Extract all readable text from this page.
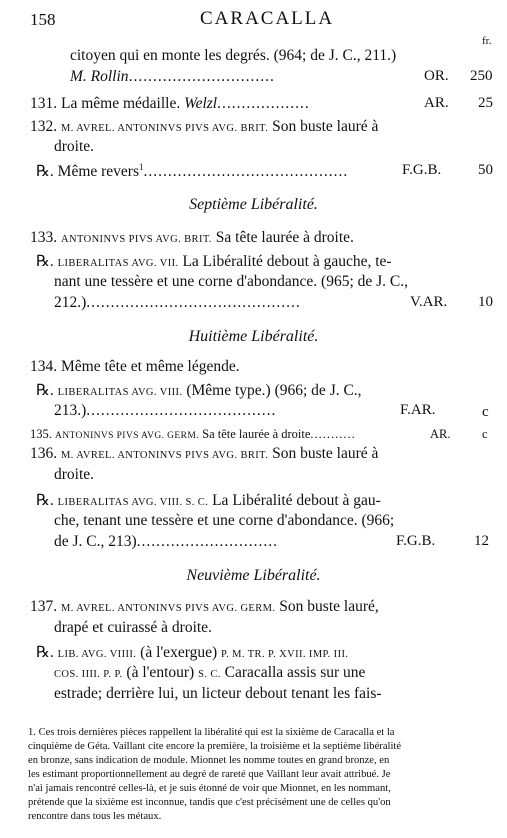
158	CARACALLA
fr.
citoyen qui en monte les degrés. (964; de J. C., 211.)
M. Rollin..............................	OR. 250
131. La même médaille. Welzl...................	AR. 25
132. M. AVREL. ANTONINVS PIVS AVG. BRIT. Son buste lauré à
droite.
℞. Même revers$^1$..........................................	F.G.B. 50
Septième Libéralité.
133. ANTONINVS PIVS AVG. BRIT. Sa tête laurée à droite.
℞. LIBERALITAS AVG. VII. La Libéralité debout à gauche, te-
nant une tessère et une corne d'abondance. (965; de J. C.,
212.)............................................	V.AR. 10
Huitième Libéralité.
134. Même tête et même légende.
℞. LIBERALITAS AVG. VIII. (Même type.) (966; de J. C.,
213.).......................................	F.AR.	c
135. ANTONINVS PIVS AVG. GERM. Sa tête laurée à droite...........	AR.	c
136. M. AVREL. ANTONINVS PIVS AVG. BRIT. Son buste lauré à
droite.
℞. LIBERALITAS AVG. VIII. S. C. La Libéralité debout à gau-
che, tenant une tessère et une corne d'abondance. (966;
de J. C., 213).............................	F.G.B.	12
Neuvième Libéralité.
137. M. AVREL. ANTONINVS PIVS AVG. GERM. Son buste lauré,
drapé et cuirassé à droite.
℞. LIB. AVG. VIIII. (à l'exergue) P. M. TR. P. XVII. IMP. III.
COS. IIII. P. P. (à l'entour) S. C. Caracalla assis sur une
estrade; derrière lui, un licteur debout tenant les fais-
1. Ces trois dernières pièces rappellent la libéralité qui est la sixième de Caracalla et la
cinquième de Géta. Vaillant cite encore la première, la troisième et la septième libéralité
en bronze, sans indication de module. Mionnet les nomme toutes en grand bronze, en
les estimant proportionnellement au degré de rareté que Vaillant leur avait attribué. Je
n'ai jamais rencontré celles-là, et je suis étonné de voir que Mionnet, en les nommant,
prétende que la sixième est inconnue, tandis que c'est précisément une de celles qu'on
rencontre dans tous les métaux.
